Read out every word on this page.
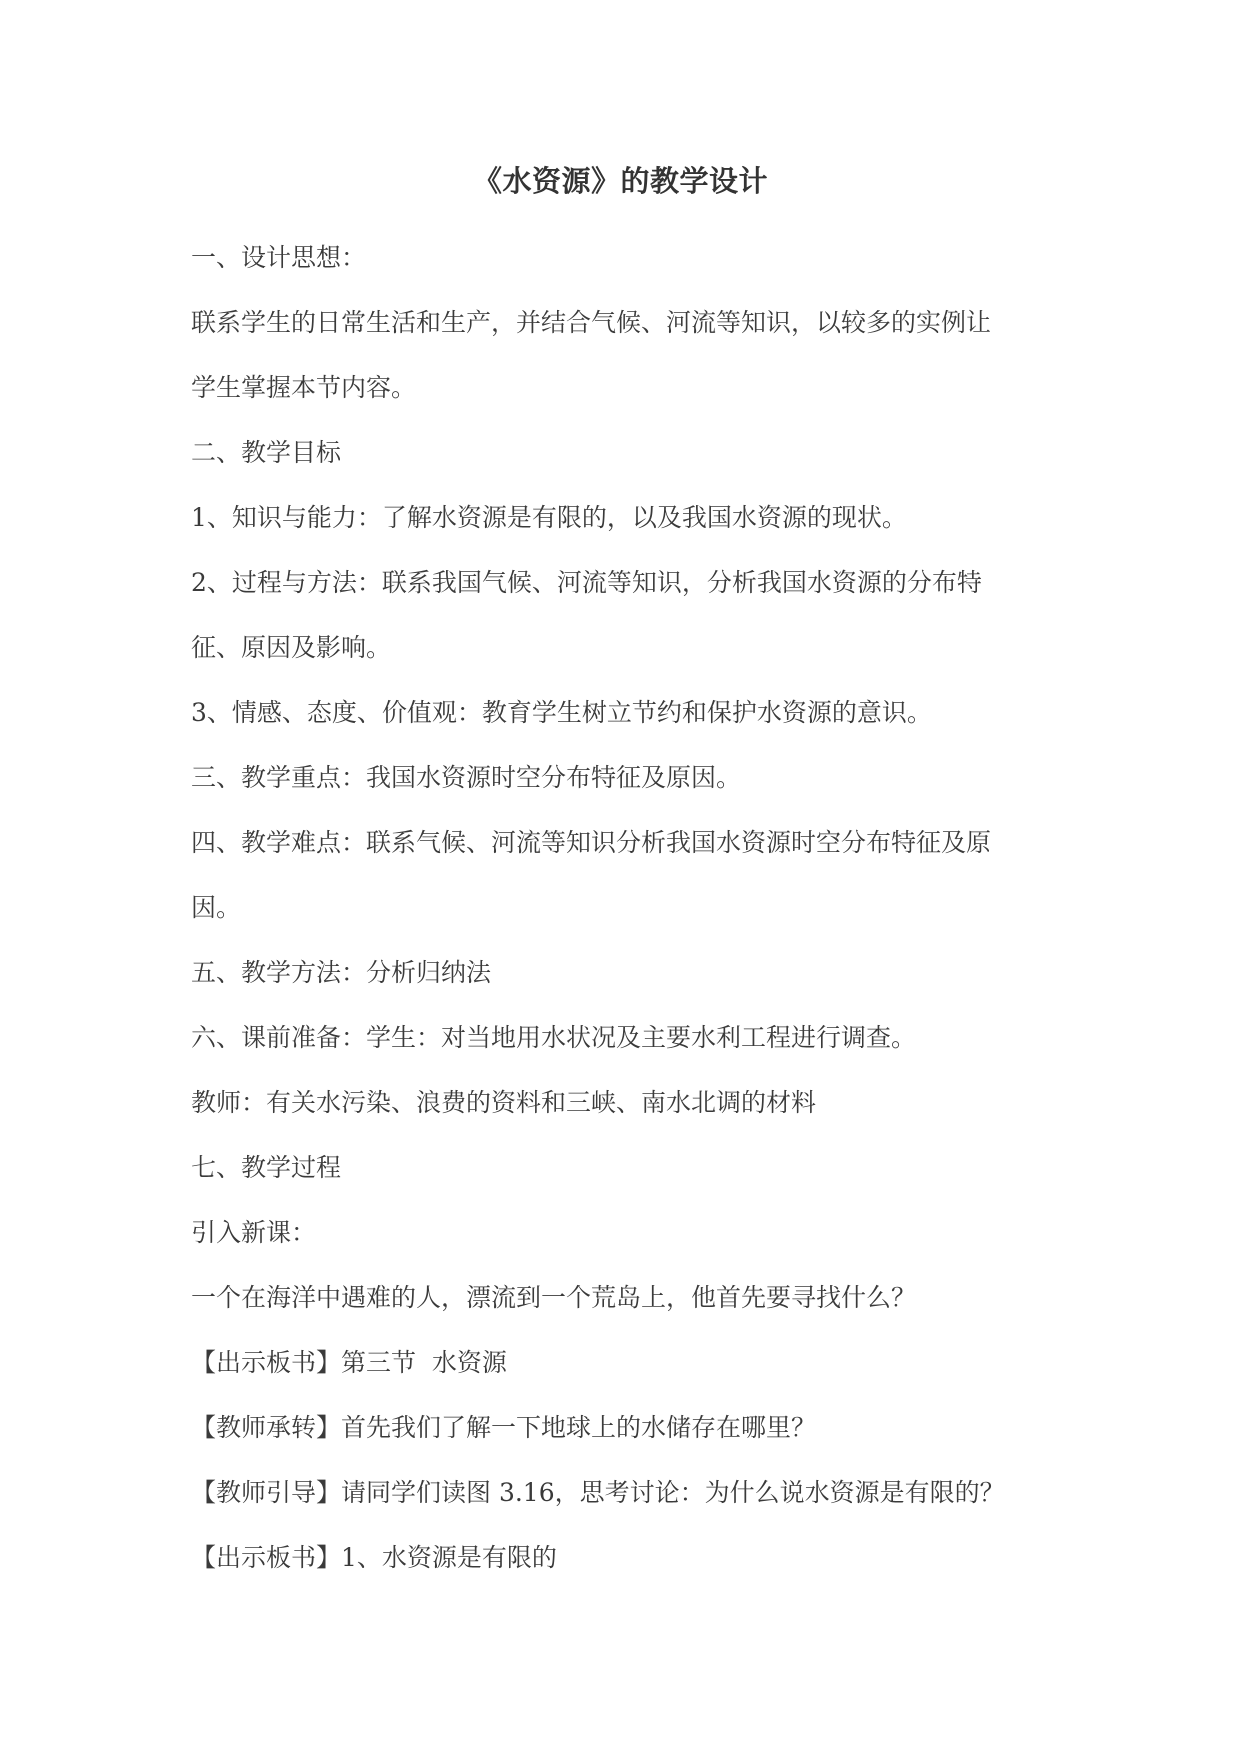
《水资源》的教学设计

一、设计思想：

联系学生的日常生活和生产，并结合气候、河流等知识，以较多的实例让

学生掌握本节内容。

二、教学目标

1、知识与能力：了解水资源是有限的，以及我国水资源的现状。

2、过程与方法：联系我国气候、河流等知识，分析我国水资源的分布特

征、原因及影响。

3、情感、态度、价值观：教育学生树立节约和保护水资源的意识。

三、教学重点：我国水资源时空分布特征及原因。

四、教学难点：联系气候、河流等知识分析我国水资源时空分布特征及原

因。

五、教学方法：分析归纳法

六、课前准备：学生：对当地用水状况及主要水利工程进行调查。

教师：有关水污染、浪费的资料和三峡、南水北调的材料

七、教学过程

引入新课：

一个在海洋中遇难的人，漂流到一个荒岛上，他首先要寻找什么？

【出示板书】第三节  水资源

【教师承转】首先我们了解一下地球上的水储存在哪里？

【教师引导】请同学们读图 3.16，思考讨论：为什么说水资源是有限的？

【出示板书】1、水资源是有限的
